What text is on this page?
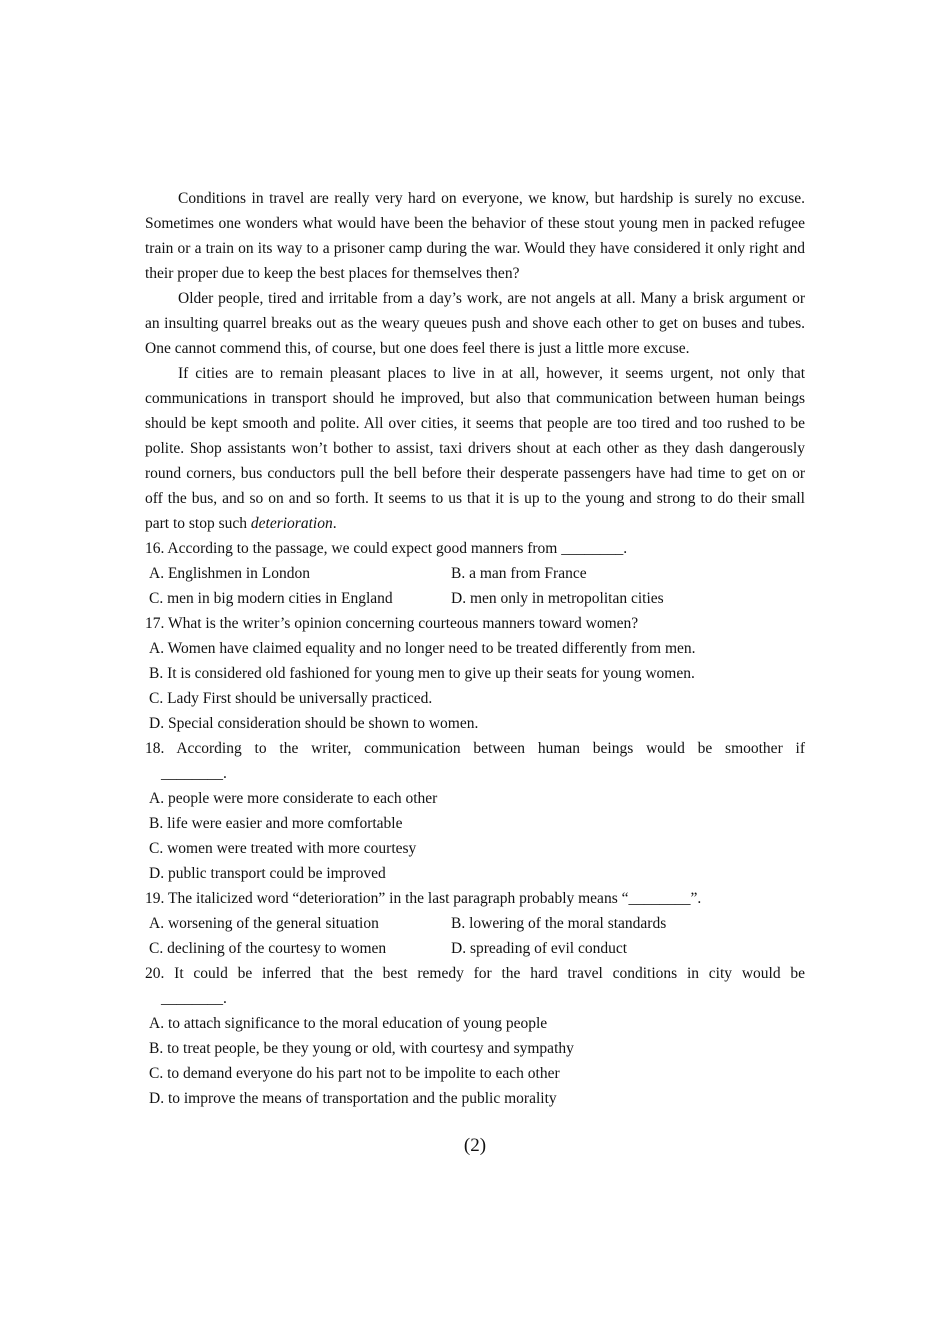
Conditions in travel are really very hard on everyone, we know, but hardship is surely no excuse. Sometimes one wonders what would have been the behavior of these stout young men in packed refugee train or a train on its way to a prisoner camp during the war. Would they have considered it only right and their proper due to keep the best places for themselves then?

Older people, tired and irritable from a day’s work, are not angels at all. Many a brisk argument or an insulting quarrel breaks out as the weary queues push and shove each other to get on buses and tubes. One cannot commend this, of course, but one does feel there is just a little more excuse.

If cities are to remain pleasant places to live in at all, however, it seems urgent, not only that communications in transport should he improved, but also that communication between human beings should be kept smooth and polite. All over cities, it seems that people are too tired and too rushed to be polite. Shop assistants won’t bother to assist, taxi drivers shout at each other as they dash dangerously round corners, bus conductors pull the bell before their desperate passengers have had time to get on or off the bus, and so on and so forth. It seems to us that it is up to the young and strong to do their small part to stop such deterioration.

16. According to the passage, we could expect good manners from ________.
A. Englishmen in London	B. a man from France
C. men in big modern cities in England	D. men only in metropolitan cities
17. What is the writer’s opinion concerning courteous manners toward women?
A. Women have claimed equality and no longer need to be treated differently from men.
B. It is considered old fashioned for young men to give up their seats for young women.
C. Lady First should be universally practiced.
D. Special consideration should be shown to women.
18. According to the writer, communication between human beings would be smoother if
________.
A. people were more considerate to each other
B. life were easier and more comfortable
C. women were treated with more courtesy
D. public transport could be improved
19. The italicized word “deterioration” in the last paragraph probably means “________”.
A. worsening of the general situation	B. lowering of the moral standards
C. declining of the courtesy to women	D. spreading of evil conduct
20. It could be inferred that the best remedy for the hard travel conditions in city would be
________.
A. to attach significance to the moral education of young people
B. to treat people, be they young or old, with courtesy and sympathy
C. to demand everyone do his part not to be impolite to each other
D. to improve the means of transportation and the public morality
(2)
